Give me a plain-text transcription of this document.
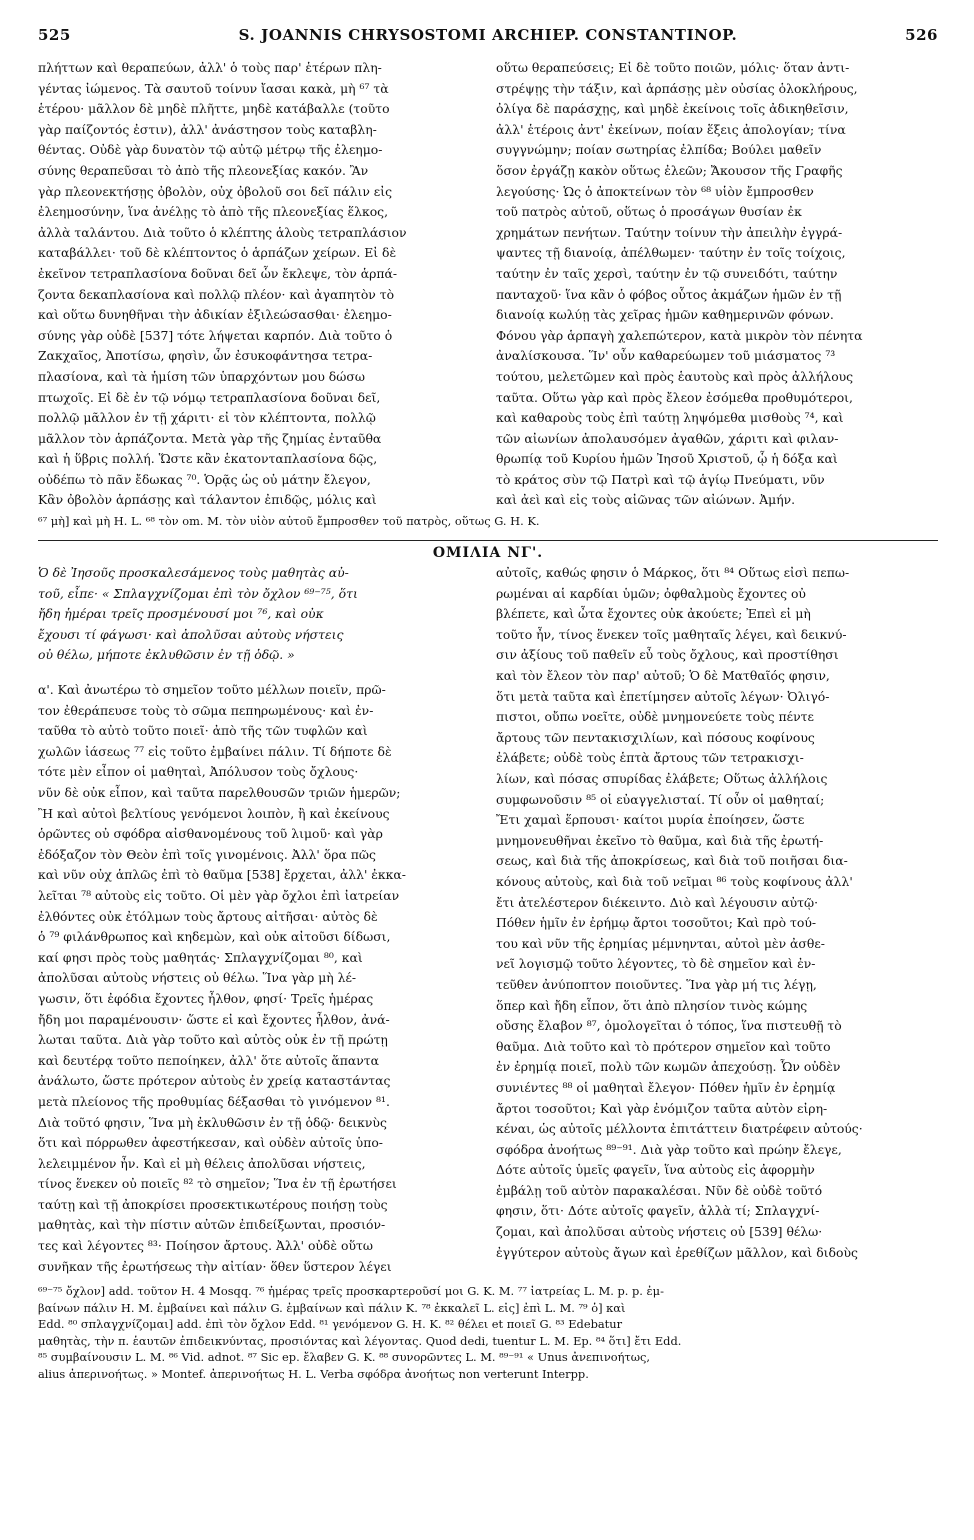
525	S. JOANNIS CHRYSOSTOMI ARCHIEP. CONSTANTINOP.	526

πλήττων καὶ θεραπεύων, ἀλλ' ὁ τοὺς παρ' ἑτέρων πλη-

γέντας ἰώμενος. Τὰ σαυτοῦ τοίνυν ἴασαι κακὰ, μὴ ⁶⁷ τὰ

ἑτέρου· μᾶλλον δὲ μηδὲ πλῆττε, μηδὲ κατάβαλλε (τοῦτο

γὰρ παίζοντός ἐστιν), ἀλλ' ἀνάστησον τοὺς καταβλη-

θέντας. Οὐδὲ γὰρ δυνατὸν τῷ αὐτῷ μέτρῳ τῆς ἐλεημο-

σύνης θεραπεῦσαι τὸ ἀπὸ τῆς πλεονεξίας κακόν. Ἂν

γὰρ πλεονεκτήσῃς ὀβολὸν, οὐχ ὀβολοῦ σοι δεῖ πάλιν εἰς

ἐλεημοσύνην, ἵνα ἀνέλῃς τὸ ἀπὸ τῆς πλεονεξίας ἕλκος,

ἀλλὰ ταλάντου. Διὰ τοῦτο ὁ κλέπτης ἁλοὺς τετραπλάσιον

καταβάλλει· τοῦ δὲ κλέπτοντος ὁ ἁρπάζων χείρων. Εἰ δὲ

ἐκεῖνον τετραπλασίονα δοῦναι δεῖ ὧν ἔκλεψε, τὸν ἁρπά-

ζοντα δεκαπλασίονα καὶ πολλῷ πλέον· καὶ ἀγαπητὸν τὸ

καὶ οὕτω δυνηθῆναι τὴν ἀδικίαν ἐξιλεώσασθαι· ἐλεημο-

σύνης γὰρ οὐδὲ [537] τότε λήψεται καρπόν. Διὰ τοῦτο ὁ

Ζακχαῖος, Ἀποτίσω, φησὶν, ὧν ἐσυκοφάντησα τετρα-

πλασίονα, καὶ τὰ ἡμίση τῶν ὑπαρχόντων μου δώσω

πτωχοῖς. Εἰ δὲ ἐν τῷ νόμῳ τετραπλασίονα δοῦναι δεῖ,

πολλῷ μᾶλλον ἐν τῇ χάριτι· εἰ τὸν κλέπτοντα, πολλῷ

μᾶλλον τὸν ἁρπάζοντα. Μετὰ γὰρ τῆς ζημίας ἐνταῦθα

καὶ ἡ ὕβρις πολλή. Ὥστε κἂν ἑκατονταπλασίονα δῷς,

οὐδέπω τὸ πᾶν ἔδωκας ⁷⁰. Ὁρᾷς ὡς οὐ μάτην ἔλεγον,

Κἂν ὀβολὸν ἁρπάσῃς καὶ τάλαντον ἐπιδῷς, μόλις καὶ

οὕτω θεραπεύσεις; Εἰ δὲ τοῦτο ποιῶν, μόλις· ὅταν ἀντι-

στρέψῃς τὴν τάξιν, καὶ ἁρπάσῃς μὲν οὐσίας ὁλοκλήρους,

ὀλίγα δὲ παράσχῃς, καὶ μηδὲ ἐκείνοις τοῖς ἀδικηθεῖσιν,

ἀλλ' ἑτέροις ἀντ' ἐκείνων, ποίαν ἕξεις ἀπολογίαν; τίνα

συγγνώμην; ποίαν σωτηρίας ἐλπίδα; Βούλει μαθεῖν

ὅσον ἐργάζῃ κακὸν οὕτως ἐλεῶν; Ἄκουσον τῆς Γραφῆς

λεγούσης· Ὡς ὁ ἀποκτείνων τὸν ⁶⁸ υἱὸν ἔμπροσθεν

τοῦ πατρὸς αὐτοῦ, οὕτως ὁ προσάγων θυσίαν ἐκ

χρημάτων πενήτων. Ταύτην τοίνυν τὴν ἀπειλὴν ἐγγρά-

ψαντες τῇ διανοίᾳ, ἀπέλθωμεν· ταύτην ἐν τοῖς τοίχοις,

ταύτην ἐν ταῖς χερσὶ, ταύτην ἐν τῷ συνειδότι, ταύτην

πανταχοῦ· ἵνα κἂν ὁ φόβος οὗτος ἀκμάζων ἡμῶν ἐν τῇ

διανοίᾳ κωλύῃ τὰς χεῖρας ἡμῶν καθημερινῶν φόνων.

Φόνου γὰρ ἁρπαγὴ χαλεπώτερον, κατὰ μικρὸν τὸν πένητα

ἀναλίσκουσα. Ἵν' οὖν καθαρεύωμεν τοῦ μιάσματος ⁷³

τούτου, μελετῶμεν καὶ πρὸς ἑαυτοὺς καὶ πρὸς ἀλλήλους

ταῦτα. Οὕτω γὰρ καὶ πρὸς ἔλεον ἐσόμεθα προθυμότεροι,

καὶ καθαροὺς τοὺς ἐπὶ ταύτῃ ληψόμεθα μισθοὺς ⁷⁴, καὶ

τῶν αἰωνίων ἀπολαυσόμεν ἀγαθῶν, χάριτι καὶ φιλαν-

θρωπίᾳ τοῦ Κυρίου ἡμῶν Ἰησοῦ Χριστοῦ, ᾧ ἡ δόξα καὶ

τὸ κράτος σὺν τῷ Πατρὶ καὶ τῷ ἁγίῳ Πνεύματι, νῦν

καὶ ἀεὶ καὶ εἰς τοὺς αἰῶνας τῶν αἰώνων. Ἀμήν.

⁶⁷ μὴ] καὶ μὴ H. L. ⁶⁸ τὸν om. M. τὸν υἱὸν αὐτοῦ ἔμπροσθεν τοῦ πατρὸς, οὕτως G. H. K.
ΟΜΙΛΙΑ ΝΓ'.

Ὁ δὲ Ἰησοῦς προσκαλεσάμενος τοὺς μαθητὰς αὐ-

τοῦ, εἶπε· « Σπλαγχνίζομαι ἐπὶ τὸν ὄχλον ⁶⁹⁻⁷⁵, ὅτι

ἤδη ἡμέραι τρεῖς προσμένουσί μοι ⁷⁶, καὶ οὐκ

ἔχουσι τί φάγωσι· καὶ ἀπολῦσαι αὐτοὺς νήστεις

οὐ θέλω, μήποτε ἐκλυθῶσιν ἐν τῇ ὁδῷ. »

α'. Καὶ ἀνωτέρω τὸ σημεῖον τοῦτο μέλλων ποιεῖν, πρῶ-

τον ἐθεράπευσε τοὺς τὸ σῶμα πεπηρωμένους· καὶ ἐν-

ταῦθα τὸ αὐτὸ τοῦτο ποιεῖ· ἀπὸ τῆς τῶν τυφλῶν καὶ

χωλῶν ἰάσεως ⁷⁷ εἰς τοῦτο ἐμβαίνει πάλιν. Τί δήποτε δὲ

τότε μὲν εἶπον οἱ μαθηταὶ, Ἀπόλυσον τοὺς ὄχλους·

νῦν δὲ οὐκ εἶπον, καὶ ταῦτα παρελθουσῶν τριῶν ἡμερῶν;

Ἢ καὶ αὐτοὶ βελτίους γενόμενοι λοιπὸν, ἢ καὶ ἐκείνους

ὁρῶντες οὐ σφόδρα αἰσθανομένους τοῦ λιμοῦ· καὶ γὰρ

ἐδόξαζον τὸν Θεὸν ἐπὶ τοῖς γινομένοις. Ἀλλ' ὅρα πῶς

καὶ νῦν οὐχ ἁπλῶς ἐπὶ τὸ θαῦμα [538] ἔρχεται, ἀλλ' ἐκκα-

λεῖται ⁷⁸ αὐτοὺς εἰς τοῦτο. Οἱ μὲν γὰρ ὄχλοι ἐπὶ ἰατρείαν

ἐλθόντες οὐκ ἐτόλμων τοὺς ἄρτους αἰτῆσαι· αὐτὸς δὲ

ὁ ⁷⁹ φιλάνθρωπος καὶ κηδεμὼν, καὶ οὐκ αἰτοῦσι δίδωσι,

καί φησι πρὸς τοὺς μαθητάς· Σπλαγχνίζομαι ⁸⁰, καὶ

ἀπολῦσαι αὐτοὺς νήστεις οὐ θέλω. Ἵνα γὰρ μὴ λέ-

γωσιν, ὅτι ἐφόδια ἔχοντες ἦλθον, φησί· Τρεῖς ἡμέρας

ἤδη μοι παραμένουσιν· ὥστε εἰ καὶ ἔχοντες ἦλθον, ἀνά-

λωται ταῦτα. Διὰ γὰρ τοῦτο καὶ αὐτὸς οὐκ ἐν τῇ πρώτῃ

καὶ δευτέρᾳ τοῦτο πεποίηκεν, ἀλλ' ὅτε αὐτοῖς ἅπαντα

ἀνάλωτο, ὥστε πρότερον αὐτοὺς ἐν χρείᾳ καταστάντας

μετὰ πλείονος τῆς προθυμίας δέξασθαι τὸ γινόμενον ⁸¹.

Διὰ τοῦτό φησιν, Ἵνα μὴ ἐκλυθῶσιν ἐν τῇ ὁδῷ· δεικνὺς

ὅτι καὶ πόρρωθεν ἀφεστήκεσαν, καὶ οὐδὲν αὐτοῖς ὑπο-

λελειμμένον ἦν. Καὶ εἰ μὴ θέλεις ἀπολῦσαι νήστεις,

τίνος ἕνεκεν οὐ ποιεῖς ⁸² τὸ σημεῖον; Ἵνα ἐν τῇ ἐρωτήσει

ταύτῃ καὶ τῇ ἀποκρίσει προσεκτικωτέρους ποιήσῃ τοὺς

μαθητὰς, καὶ τὴν πίστιν αὐτῶν ἐπιδείξωνται, προσιόν-

τες καὶ λέγοντες ⁸³· Ποίησον ἄρτους. Ἀλλ' οὐδὲ οὕτω

συνῆκαν τῆς ἐρωτήσεως τὴν αἰτίαν· ὅθεν ὕστερον λέγει

αὐτοῖς, καθώς φησιν ὁ Μάρκος, ὅτι ⁸⁴ Οὕτως εἰσὶ πεπω-

ρωμέναι αἱ καρδίαι ὑμῶν; ὀφθαλμοὺς ἔχοντες οὐ

βλέπετε, καὶ ὦτα ἔχοντες οὐκ ἀκούετε; Ἐπεὶ εἰ μὴ

τοῦτο ἦν, τίνος ἕνεκεν τοῖς μαθηταῖς λέγει, καὶ δεικνύ-

σιν ἀξίους τοῦ παθεῖν εὖ τοὺς ὄχλους, καὶ προστίθησι

καὶ τὸν ἔλεον τὸν παρ' αὐτοῦ; Ὁ δὲ Ματθαῖός φησιν,

ὅτι μετὰ ταῦτα καὶ ἐπετίμησεν αὐτοῖς λέγων· Ὀλιγό-

πιστοι, οὔπω νοεῖτε, οὐδὲ μνημονεύετε τοὺς πέντε

ἄρτους τῶν πεντακισχιλίων, καὶ πόσους κοφίνους

ἐλάβετε; οὐδὲ τοὺς ἑπτὰ ἄρτους τῶν τετρακισχι-

λίων, καὶ πόσας σπυρίδας ἐλάβετε; Οὕτως ἀλλήλοις

συμφωνοῦσιν ⁸⁵ οἱ εὐαγγελισταί. Τί οὖν οἱ μαθηταί;

Ἔτι χαμαὶ ἕρπουσι· καίτοι μυρία ἐποίησεν, ὥστε

μνημονευθῆναι ἐκεῖνο τὸ θαῦμα, καὶ διὰ τῆς ἐρωτή-

σεως, καὶ διὰ τῆς ἀποκρίσεως, καὶ διὰ τοῦ ποιῆσαι δια-

κόνους αὐτοὺς, καὶ διὰ τοῦ νεῖμαι ⁸⁶ τοὺς κοφίνους ἀλλ'

ἔτι ἀτελέστερον διέκειντο. Διὸ καὶ λέγουσιν αὐτῷ·

Πόθεν ἡμῖν ἐν ἐρήμῳ ἄρτοι τοσοῦτοι; Καὶ πρὸ τού-

του καὶ νῦν τῆς ἐρημίας μέμνηνται, αὐτοὶ μὲν ἀσθε-

νεῖ λογισμῷ τοῦτο λέγοντες, τὸ δὲ σημεῖον καὶ ἐν-

τεῦθεν ἀνύποπτον ποιοῦντες. Ἵνα γὰρ μή τις λέγῃ,

ὅπερ καὶ ἤδη εἶπον, ὅτι ἀπὸ πλησίον τινὸς κώμης

οὔσης ἔλαβον ⁸⁷, ὁμολογεῖται ὁ τόπος, ἵνα πιστευθῇ τὸ

θαῦμα. Διὰ τοῦτο καὶ τὸ πρότερον σημεῖον καὶ τοῦτο

ἐν ἐρημίᾳ ποιεῖ, πολὺ τῶν κωμῶν ἀπεχούσῃ. Ὧν οὐδὲν

συνιέντες ⁸⁸ οἱ μαθηταὶ ἔλεγον· Πόθεν ἡμῖν ἐν ἐρημίᾳ

ἄρτοι τοσοῦτοι; Καὶ γὰρ ἐνόμιζον ταῦτα αὐτὸν εἰρη-

κέναι, ὡς αὐτοῖς μέλλοντα ἐπιτάττειν διατρέφειν αὐτούς·

σφόδρα ἀνοήτως ⁸⁹⁻⁹¹. Διὰ γὰρ τοῦτο καὶ πρώην ἔλεγε,

Δότε αὐτοῖς ὑμεῖς φαγεῖν, ἵνα αὐτοὺς εἰς ἀφορμὴν

ἐμβάλῃ τοῦ αὐτὸν παρακαλέσαι. Νῦν δὲ οὐδὲ τοῦτό

φησιν, ὅτι· Δότε αὐτοῖς φαγεῖν, ἀλλὰ τί; Σπλαγχνί-

ζομαι, καὶ ἀπολῦσαι αὐτοὺς νήστεις οὐ [539] θέλω·

ἐγγύτερον αὐτοὺς ἄγων καὶ ἐρεθίζων μᾶλλον, καὶ διδοὺς

⁶⁹⁻⁷⁵ ὄχλον] add. τοῦτον H. 4 Mosqq. ⁷⁶ ἡμέρας τρεῖς προσκαρτεροῦσί μοι G. K. M. ⁷⁷ ἰατρείας L. M. p. p. ἐμ-

βαίνων πάλιν H. M. ἐμβαίνει καὶ πάλιν G. ἐμβαίνων καὶ πάλιν K. ⁷⁸ ἐκκαλεῖ L. εἰς] ἐπὶ L. M. ⁷⁹ ὁ] καὶ

Edd. ⁸⁰ σπλαγχνίζομαι] add. ἐπὶ τὸν ὄχλον Edd. ⁸¹ γενόμενον G. H. K. ⁸² θέλει et ποιεῖ G. ⁸³ Edebatur

μαθητὰς, τὴν π. ἑαυτῶν ἐπιδεικνύντας, προσιόντας καὶ λέγοντας. Quod dedi, tuentur L. M. Ep. ⁸⁴ ὅτι] ἔτι Edd.

⁸⁵ συμβαίνουσιν L. M. ⁸⁶ Vid. adnot. ⁸⁷ Sic ep. ἔλαβεν G. K. ⁸⁸ συνορῶντες L. M. ⁸⁹⁻⁹¹ « Unus ἀνεπινοήτως,

alius ἀπερινοήτως. » Montef. ἀπερινοήτως H. L. Verba σφόδρα ἀνοήτως non verterunt Interpp.
